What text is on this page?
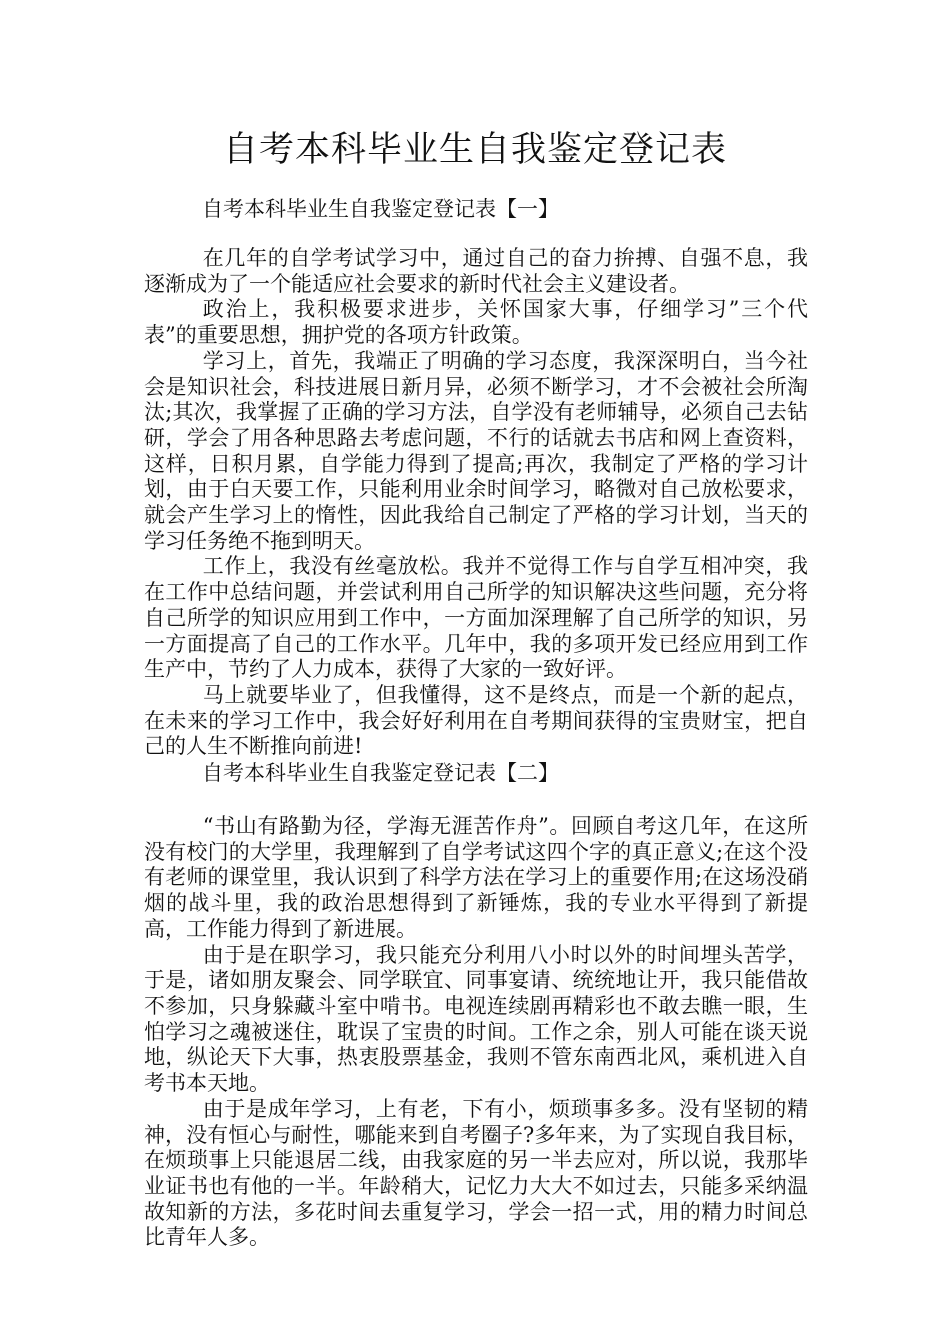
自考本科毕业生自我鉴定登记表
自考本科毕业生自我鉴定登记表【一】

在几年的自学考试学习中，通过自己的奋力拚搏、自强不息，我逐渐成为了一个能适应社会要求的新时代社会主义建设者。

政治上，我积极要求进步，关怀国家大事，仔细学习”三个代表”的重要思想，拥护党的各项方针政策。

学习上，首先，我端正了明确的学习态度，我深深明白，当今社会是知识社会，科技进展日新月异，必须不断学习，才不会被社会所淘汰;其次，我掌握了正确的学习方法，自学没有老师辅导，必须自己去钻研，学会了用各种思路去考虑问题，不行的话就去书店和网上查资料，这样，日积月累，自学能力得到了提高;再次，我制定了严格的学习计划，由于白天要工作，只能利用业余时间学习，略微对自己放松要求，就会产生学习上的惰性，因此我给自己制定了严格的学习计划，当天的学习任务绝不拖到明天。

工作上，我没有丝毫放松。我并不觉得工作与自学互相冲突，我在工作中总结问题，并尝试利用自己所学的知识解决这些问题，充分将自己所学的知识应用到工作中，一方面加深理解了自己所学的知识，另一方面提高了自己的工作水平。几年中，我的多项开发已经应用到工作生产中，节约了人力成本，获得了大家的一致好评。

马上就要毕业了，但我懂得，这不是终点，而是一个新的起点，在未来的学习工作中，我会好好利用在自考期间获得的宝贵财宝，把自己的人生不断推向前进!

自考本科毕业生自我鉴定登记表【二】

“书山有路勤为径，学海无涯苦作舟”。回顾自考这几年，在这所没有校门的大学里，我理解到了自学考试这四个字的真正意义;在这个没有老师的课堂里，我认识到了科学方法在学习上的重要作用;在这场没硝烟的战斗里，我的政治思想得到了新锤炼，我的专业水平得到了新提高，工作能力得到了新进展。

由于是在职学习，我只能充分利用八小时以外的时间埋头苦学，于是，诸如朋友聚会、同学联宜、同事宴请、统统地让开，我只能借故不参加，只身躲藏斗室中啃书。电视连续剧再精彩也不敢去瞧一眼，生怕学习之魂被迷住，耽误了宝贵的时间。工作之余，别人可能在谈天说地，纵论天下大事，热衷股票基金，我则不管东南西北风，乘机进入自考书本天地。

由于是成年学习，上有老，下有小，烦琐事多多。没有坚韧的精神，没有恒心与耐性，哪能来到自考圈子?多年来，为了实现自我目标，在烦琐事上只能退居二线，由我家庭的另一半去应对，所以说，我那毕业证书也有他的一半。年龄稍大，记忆力大大不如过去，只能多采纳温故知新的方法，多花时间去重复学习，学会一招一式，用的精力时间总比青年人多。
